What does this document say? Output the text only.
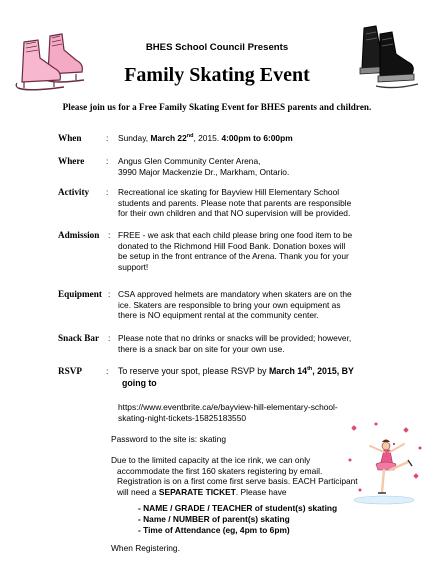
BHES School Council Presents
Family Skating Event
Please join us for a Free Family Skating Event for BHES parents and children.
When	: Sunday, March 22nd, 2015. 4:00pm to 6:00pm
Where	: Angus Glen Community Center Arena,
3990 Major Mackenzie Dr., Markham, Ontario.
Activity : Recreational ice skating for Bayview Hill Elementary School
students and parents. Please note that parents are responsible
for their own children and that NO supervision will be provided.
Admission : FREE - we ask that each child please bring one food item to be
donated to the Richmond Hill Food Bank. Donation boxes will
be setup in the front entrance of the Arena. Thank you for your
support!
Equipment : CSA approved helmets are mandatory when skaters are on the
ice. Skaters are responsible to bring your own equipment as
there is NO equipment rental at the community center.
Snack Bar : Please note that no drinks or snacks will be provided; however,
there is a snack bar on site for your own use.
RSVP	: To reserve your spot, please RSVP by March 14th, 2015, BY
going to
https://www.eventbrite.ca/e/bayview-hill-elementary-school-
skating-night-tickets-15825183550
Password to the site is: skating
Due to the limited capacity at the ice rink, we can only
accommodate the first 160 skaters registering by email.
Registration is on a first come first serve basis. EACH Participant
will need a SEPARATE TICKET. Please have
- NAME / GRADE / TEACHER of student(s) skating
- Name / NUMBER of parent(s) skating
- Time of Attendance (eg, 4pm to 6pm)
When Registering.
